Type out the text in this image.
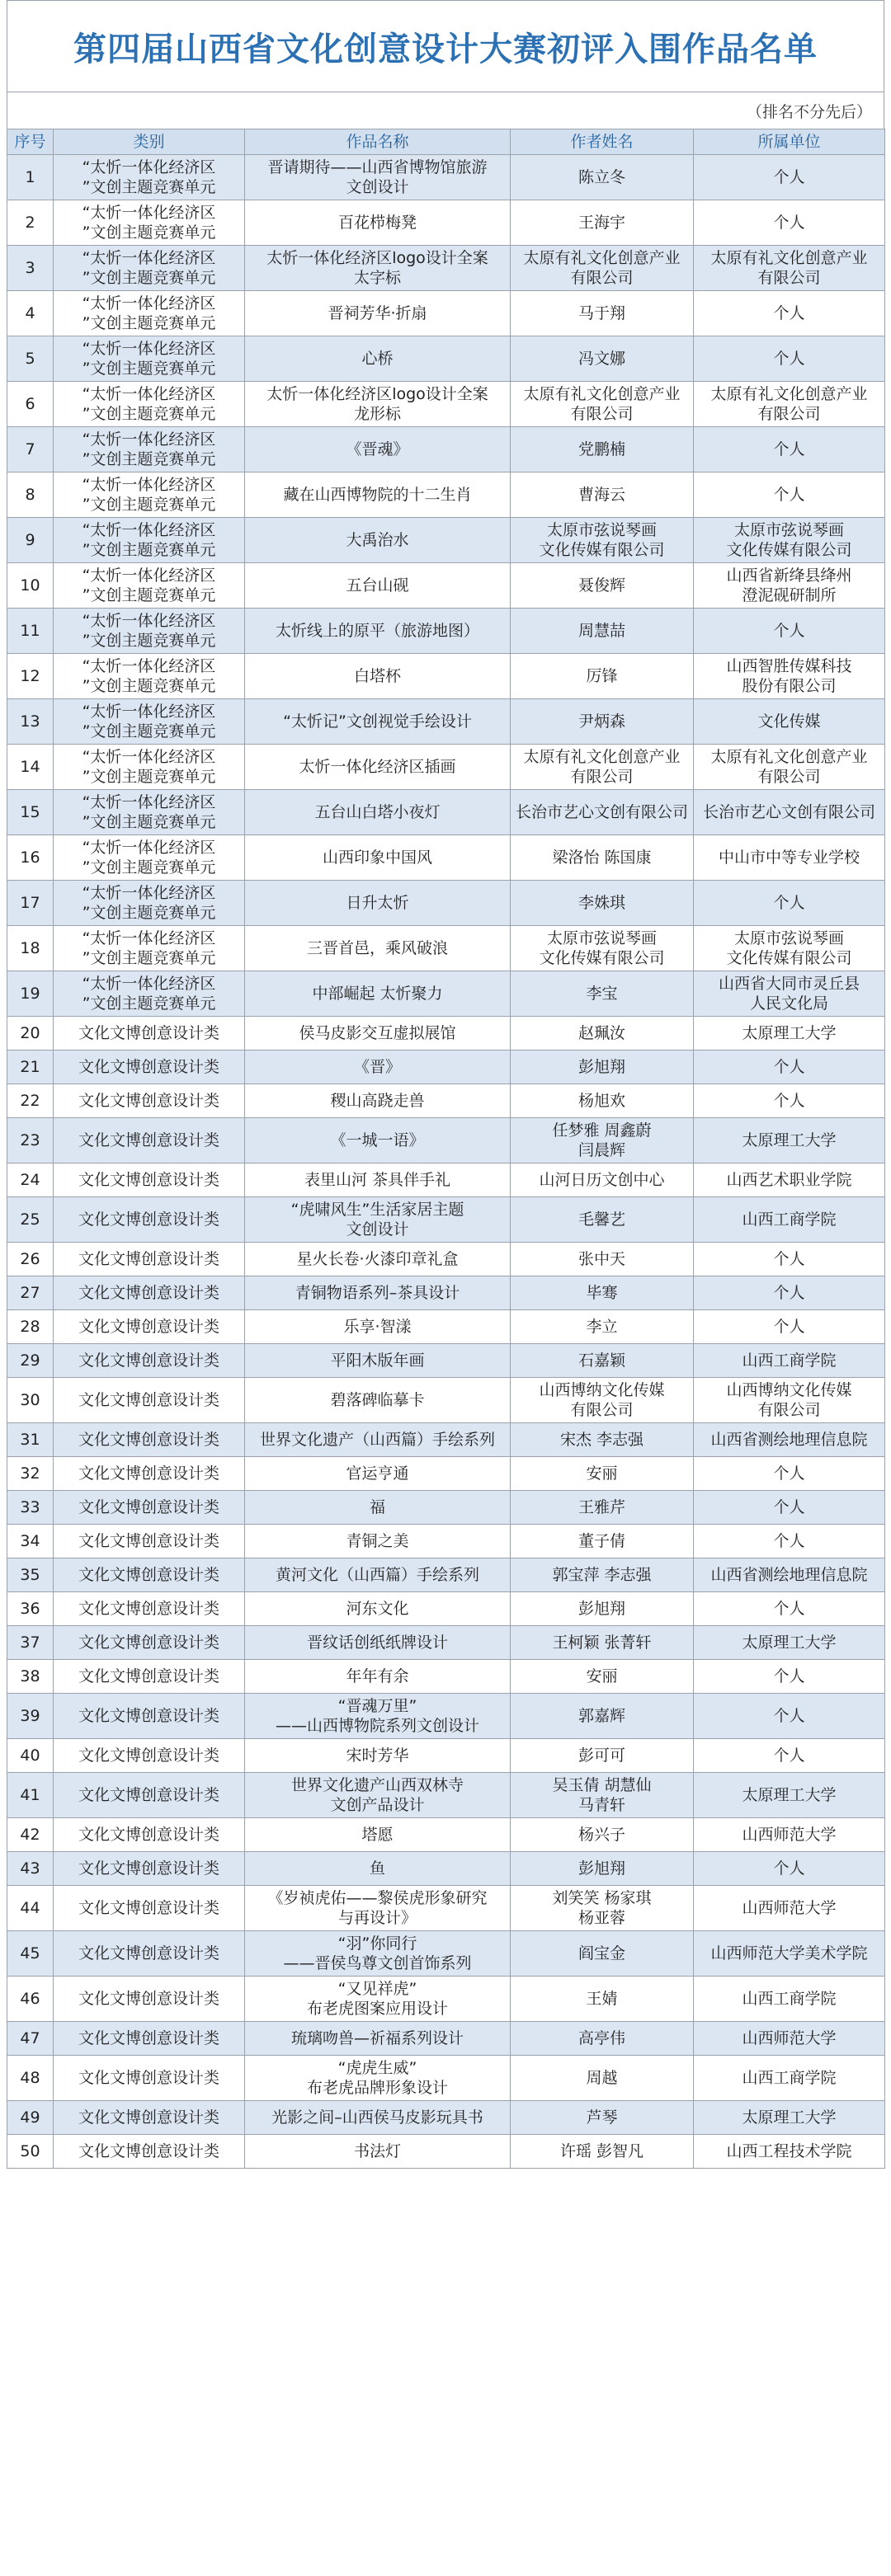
第四届山西省文化创意设计大赛初评入围作品名单
（排名不分先后）
序号	类别	作品名称	作者姓名	所属单位
1	“太忻一体化经济区
”文创主题竞赛单元	晋请期待——山西省博物馆旅游
文创设计	陈立冬	个人
2	“太忻一体化经济区
”文创主题竞赛单元	百花栉梅凳	王海宇	个人
3	“太忻一体化经济区
”文创主题竞赛单元	太忻一体化经济区logo设计全案
太字标	太原有礼文化创意产业
有限公司	太原有礼文化创意产业
有限公司
4	“太忻一体化经济区
”文创主题竞赛单元	晋祠芳华·折扇	马于翔	个人
5	“太忻一体化经济区
”文创主题竞赛单元	心桥	冯文娜	个人
6	“太忻一体化经济区
”文创主题竞赛单元	太忻一体化经济区logo设计全案
龙形标	太原有礼文化创意产业
有限公司	太原有礼文化创意产业
有限公司
7	“太忻一体化经济区
”文创主题竞赛单元	《晋魂》	党鹏楠	个人
8	“太忻一体化经济区
”文创主题竞赛单元	藏在山西博物院的十二生肖	曹海云	个人
9	“太忻一体化经济区
”文创主题竞赛单元	大禹治水	太原市弦说琴画
文化传媒有限公司	太原市弦说琴画
文化传媒有限公司
10	“太忻一体化经济区
”文创主题竞赛单元	五台山砚	聂俊辉	山西省新绛县绛州
澄泥砚研制所
11	“太忻一体化经济区
”文创主题竞赛单元	太忻线上的原平（旅游地图）	周慧喆	个人
12	“太忻一体化经济区
”文创主题竞赛单元	白塔杯	厉锋	山西智胜传媒科技
股份有限公司
13	“太忻一体化经济区
”文创主题竞赛单元	“太忻记”文创视觉手绘设计	尹炳森	文化传媒
14	“太忻一体化经济区
”文创主题竞赛单元	太忻一体化经济区插画	太原有礼文化创意产业
有限公司	太原有礼文化创意产业
有限公司
15	“太忻一体化经济区
”文创主题竞赛单元	五台山白塔小夜灯	长治市艺心文创有限公司	长治市艺心文创有限公司
16	“太忻一体化经济区
”文创主题竞赛单元	山西印象中国风	梁洛怡 陈国康	中山市中等专业学校
17	“太忻一体化经济区
”文创主题竞赛单元	日升太忻	李姝琪	个人
18	“太忻一体化经济区
”文创主题竞赛单元	三晋首邑，乘风破浪	太原市弦说琴画
文化传媒有限公司	太原市弦说琴画
文化传媒有限公司
19	“太忻一体化经济区
”文创主题竞赛单元	中部崛起 太忻聚力	李宝	山西省大同市灵丘县
人民文化局
20	文化文博创意设计类	侯马皮影交互虚拟展馆	赵珮汝	太原理工大学
21	文化文博创意设计类	《晋》	彭旭翔	个人
22	文化文博创意设计类	稷山高跷走兽	杨旭欢	个人
23	文化文博创意设计类	《一城一语》	任梦雅 周鑫蔚
闫晨辉	太原理工大学
24	文化文博创意设计类	表里山河 茶具伴手礼	山河日历文创中心	山西艺术职业学院
25	文化文博创意设计类	“虎啸风生”生活家居主题
文创设计	毛馨艺	山西工商学院
26	文化文博创意设计类	星火长卷·火漆印章礼盒	张中天	个人
27	文化文博创意设计类	青铜物语系列–茶具设计	毕骞	个人
28	文化文博创意设计类	乐享·智漾	李立	个人
29	文化文博创意设计类	平阳木版年画	石嘉颖	山西工商学院
30	文化文博创意设计类	碧落碑临摹卡	山西博纳文化传媒
有限公司	山西博纳文化传媒
有限公司
31	文化文博创意设计类	世界文化遗产（山西篇）手绘系列	宋杰 李志强	山西省测绘地理信息院
32	文化文博创意设计类	官运亨通	安丽	个人
33	文化文博创意设计类	福	王雅芹	个人
34	文化文博创意设计类	青铜之美	董子倩	个人
35	文化文博创意设计类	黄河文化（山西篇）手绘系列	郭宝萍 李志强	山西省测绘地理信息院
36	文化文博创意设计类	河东文化	彭旭翔	个人
37	文化文博创意设计类	晋纹话创纸纸牌设计	王柯颖 张菁轩	太原理工大学
38	文化文博创意设计类	年年有余	安丽	个人
39	文化文博创意设计类	“晋魂万里”
——山西博物院系列文创设计	郭嘉辉	个人
40	文化文博创意设计类	宋时芳华	彭可可	个人
41	文化文博创意设计类	世界文化遗产山西双林寺
文创产品设计	吴玉倩 胡慧仙
马青轩	太原理工大学
42	文化文博创意设计类	塔愿	杨兴子	山西师范大学
43	文化文博创意设计类	鱼	彭旭翔	个人
44	文化文博创意设计类	《岁祯虎佑——黎侯虎形象研究
与再设计》	刘笑笑 杨家琪
杨亚蓉	山西师范大学
45	文化文博创意设计类	“羽”你同行
——晋侯鸟尊文创首饰系列	阎宝金	山西师范大学美术学院
46	文化文博创意设计类	“又见祥虎”
布老虎图案应用设计	王婧	山西工商学院
47	文化文博创意设计类	琉璃吻兽—祈福系列设计	高亭伟	山西师范大学
48	文化文博创意设计类	“虎虎生威”
布老虎品牌形象设计	周越	山西工商学院
49	文化文博创意设计类	光影之间–山西侯马皮影玩具书	芦琴	太原理工大学
50	文化文博创意设计类	书法灯	许瑶 彭智凡	山西工程技术学院
